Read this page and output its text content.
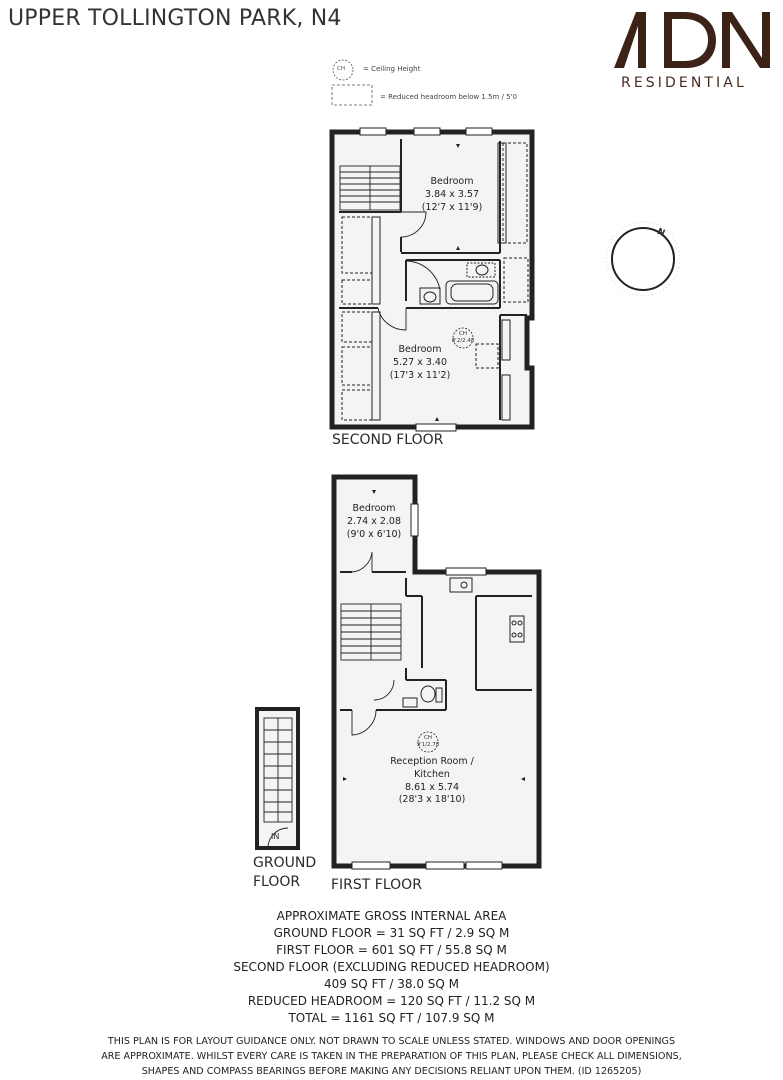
UPPER TOLLINGTON PARK, N4
RESIDENTIAL
CH	= Ceiling Height
= Reduced headroom below 1.5m / 5'0
N
Bedroom
3.84 x 3.57
(12'7 x 11'9)
Bedroom
5.27 x 3.40
(17'3 x 11'2)
CH
8'2/2.48
SECOND FLOOR
Bedroom
2.74 x 2.08
(9'0 x 6'10)
Reception Room /
Kitchen
8.61 x 5.74
(28'3 x 18'10)
CH
9'1/2.78
FIRST FLOOR
IN
GROUND
FLOOR
APPROXIMATE GROSS INTERNAL AREA
GROUND FLOOR = 31 SQ FT / 2.9 SQ M
FIRST FLOOR = 601 SQ FT / 55.8 SQ M
SECOND FLOOR (EXCLUDING REDUCED HEADROOM)
409 SQ FT / 38.0 SQ M
REDUCED HEADROOM = 120 SQ FT / 11.2 SQ M
TOTAL = 1161 SQ FT / 107.9 SQ M
THIS PLAN IS FOR LAYOUT GUIDANCE ONLY. NOT DRAWN TO SCALE UNLESS STATED. WINDOWS AND DOOR OPENINGS
ARE APPROXIMATE. WHILST EVERY CARE IS TAKEN IN THE PREPARATION OF THIS PLAN, PLEASE CHECK ALL DIMENSIONS,
SHAPES AND COMPASS BEARINGS BEFORE MAKING ANY DECISIONS RELIANT UPON THEM. (ID 1265205)
